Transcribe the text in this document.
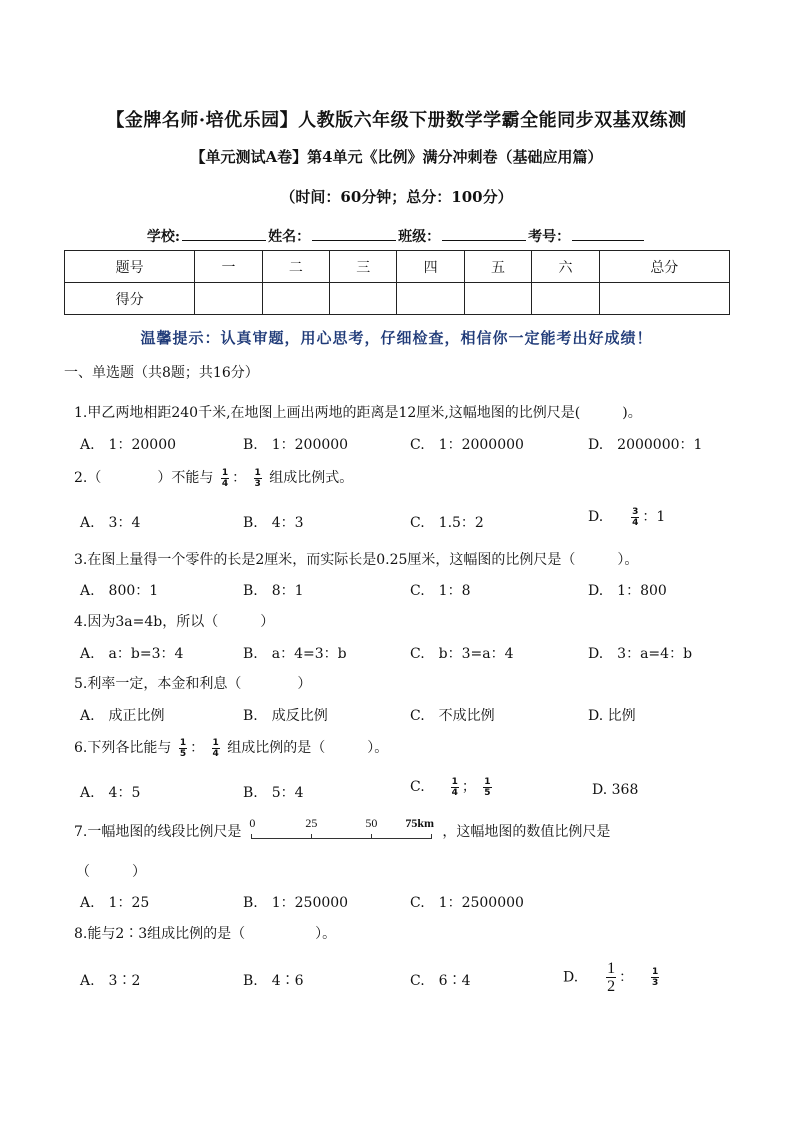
【金牌名师·培优乐园】人教版六年级下册数学学霸全能同步双基双练测
【单元测试A卷】第4单元《比例》满分冲刺卷（基础应用篇）
（时间：60分钟；总分：100分）
学校:	姓名：	班级：	考号：
题号	一	二	三	四	五	六	总分
得分							
温馨提示：认真审题，用心思考，仔细检查，相信你一定能考出好成绩！
一、单选题（共8题；共16分）
1.甲乙两地相距240千米,在地图上画出两地的距离是12厘米,这幅地图的比例尺是(　　　)。
A.　1：20000	B.　1：200000	C.　1：2000000	D.　2000000：1
2.（　　　　）不能与 $\frac{1}{4}$ ： $\frac{1}{3}$ 组成比例式。
A.　3：4	B.　4：3	C.　1.5：2	D.	$\frac{3}{4}$ ：1
3.在图上量得一个零件的长是2厘米，而实际长是0.25厘米，这幅图的比例尺是（　　　）。
A.　800：1	B.　8：1	C.　1：8	D.　1：800
4.因为3a=4b，所以（　　　）
A.　a：b=3：4	B.　a：4=3：b	C.　b：3=a：4	D.　3：a=4：b
5.利率一定，本金和利息（　　　　）
A.　成正比例	B.　成反比例	C.　不成比例	D. 比例
6.下列各比能与 $\frac{1}{5}$ ： $\frac{1}{4}$ 组成比例的是（　　　）。
A.　4：5	B.　5：4	C.	$\frac{1}{4}$ ； $\frac{1}{5}$	D. 368
7.一幅地图的线段比例尺是
0	25	50 75km
，这幅地图的数值比例尺是
（　　　）
A.　1：25	B.　1：250000	C.　1：2500000
8.能与2∶3组成比例的是（　　　　　）。
A.　3∶2	B.　4∶6	C.　6∶4	D. $\frac{1}{2}$ ： $\frac{1}{3}$
